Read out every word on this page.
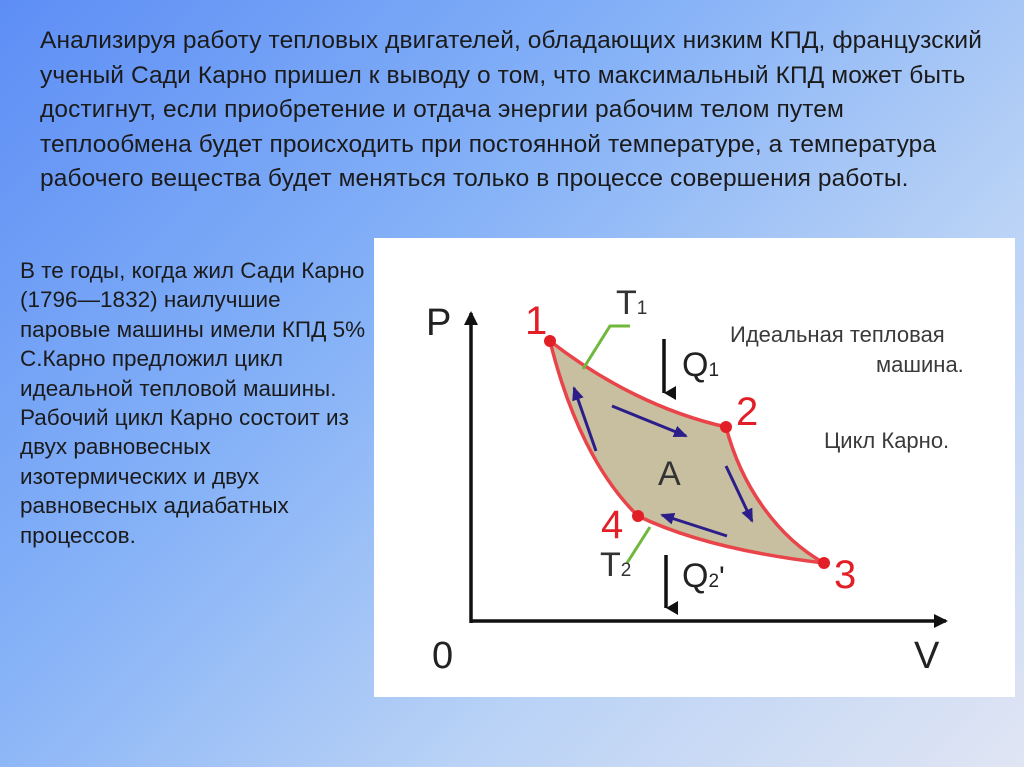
Анализируя работу тепловых двигателей, обладающих низким КПД, французский ученый Сади Карно пришел к выводу о том, что максимальный КПД может быть достигнут, если приобретение и отдача энергии рабочим телом путем теплообмена будет происходить при постоянной температуре, а температура рабочего вещества будет меняться только в процессе совершения работы.

В те годы, когда жил Сади Карно (1796—1832) наилучшие паровые машины имели КПД 5% С.Карно предложил цикл идеальной тепловой машины. Рабочий цикл Карно состоит из двух равновесных изотермических и двух равновесных адиабатных процессов.

P
V
0
1
2
3
4
T1
T2
Q1
Q2'
А
Идеальная тепловая
машина.
Цикл Карно.
